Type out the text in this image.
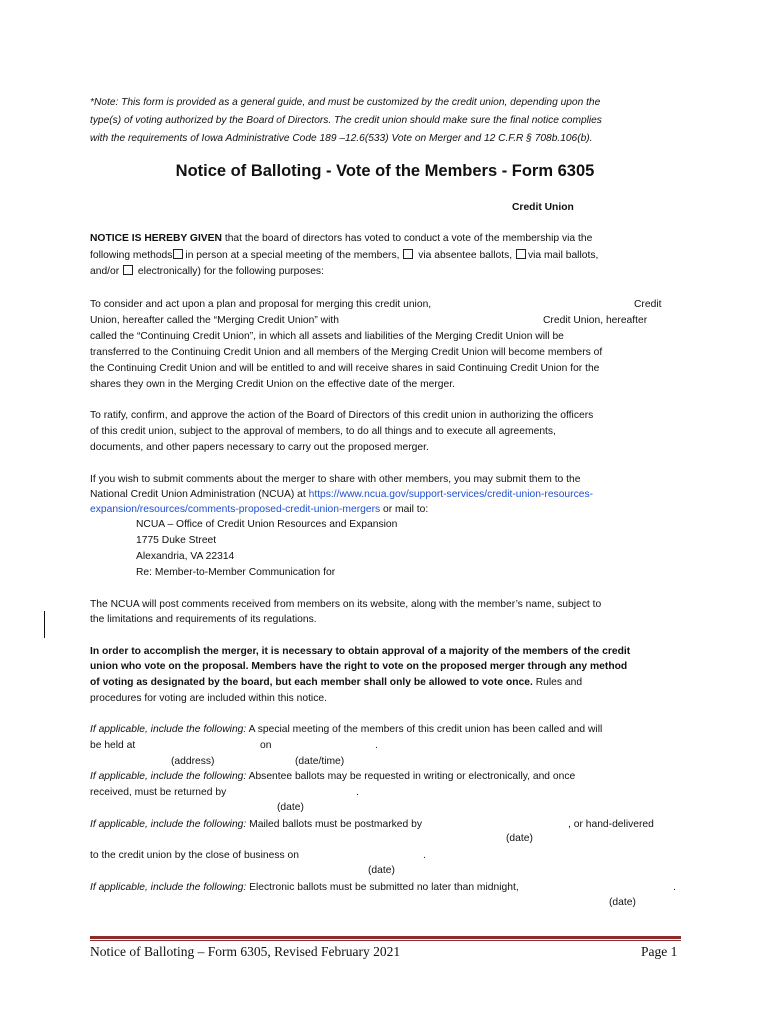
*Note: This form is provided as a general guide, and must be customized by the credit union, depending upon the
type(s) of voting authorized by the Board of Directors. The credit union should make sure the final notice complies
with the requirements of Iowa Administrative Code 189 –12.6(533) Vote on Merger and 12 C.F.R § 708b.106(b).
Notice of Balloting - Vote of the Members - Form 6305
Credit Union
NOTICE IS HEREBY GIVEN that the board of directors has voted to conduct a vote of the membership via the
following methods in person at a special meeting of the members,  via absentee ballots, via mail ballots,
and/or  electronically) for the following purposes:
To consider and act upon a plan and proposal for merging this credit union,	Credit
Union, hereafter called the “Merging Credit Union” with	Credit Union, hereafter
called the “Continuing Credit Union”, in which all assets and liabilities of the Merging Credit Union will be
transferred to the Continuing Credit Union and all members of the Merging Credit Union will become members of
the Continuing Credit Union and will be entitled to and will receive shares in said Continuing Credit Union for the
shares they own in the Merging Credit Union on the effective date of the merger.
To ratify, confirm, and approve the action of the Board of Directors of this credit union in authorizing the officers
of this credit union, subject to the approval of members, to do all things and to execute all agreements,
documents, and other papers necessary to carry out the proposed merger.
If you wish to submit comments about the merger to share with other members, you may submit them to the
National Credit Union Administration (NCUA) at https://www.ncua.gov/support-services/credit-union-resources-
expansion/resources/comments-proposed-credit-union-mergers or mail to:
NCUA – Office of Credit Union Resources and Expansion
1775 Duke Street
Alexandria, VA 22314
Re: Member-to-Member Communication for
The NCUA will post comments received from members on its website, along with the member’s name, subject to
the limitations and requirements of its regulations.
In order to accomplish the merger, it is necessary to obtain approval of a majority of the members of the credit
union who vote on the proposal. Members have the right to vote on the proposed merger through any method
of voting as designated by the board, but each member shall only be allowed to vote once. Rules and
procedures for voting are included within this notice.
If applicable, include the following: A special meeting of the members of this credit union has been called and will
be held at	on	.
(address)	(date/time)
If applicable, include the following: Absentee ballots may be requested in writing or electronically, and once
received, must be returned by	.
(date)
If applicable, include the following: Mailed ballots must be postmarked by	, or hand-delivered
(date)
to the credit union by the close of business on	.
(date)
If applicable, include the following: Electronic ballots must be submitted no later than midnight,	.
(date)
Notice of Balloting – Form 6305, Revised February 2021	Page 1
